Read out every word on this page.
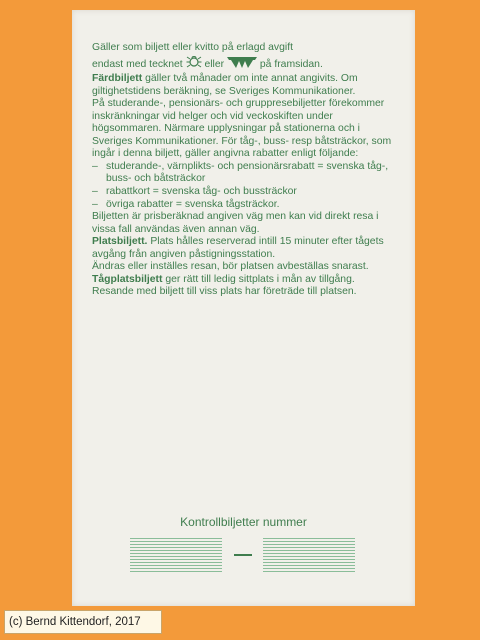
Gäller som biljett eller kvitto på erlagd avgift

endast med tecknet eller	på framsidan.

Färdbiljett gäller två månader om inte annat angivits. Om giltighetstidens beräkning, se Sveriges Kommunikationer.

På studerande-, pensionärs- och gruppresebiljetter förekommer inskränkningar vid helger och vid veckoskiften under högsommaren. Närmare upplysningar på stationerna och i Sveriges Kommunikationer. För tåg-, buss- resp båtsträckor, som ingår i denna biljett, gäller angivna rabatter enligt följande:

– studerande-, värnplikts- och pensionärsrabatt = svenska tåg-, buss- och båtsträckor
– rabattkort = svenska tåg- och bussträckor
– övriga rabatter = svenska tågsträckor.

Biljetten är prisberäknad angiven väg men kan vid direkt resa i vissa fall användas även annan väg.

Platsbiljett. Plats hålles reserverad intill 15 minuter efter tågets avgång från angiven påstigningsstation.

Ändras eller inställes resan, bör platsen avbeställas snarast.

Tågplatsbiljett ger rätt till ledig sittplats i mån av tillgång.

Resande med biljett till viss plats har företräde till platsen.

Kontrollbiljetter nummer
(c) Bernd Kittendorf, 2017
